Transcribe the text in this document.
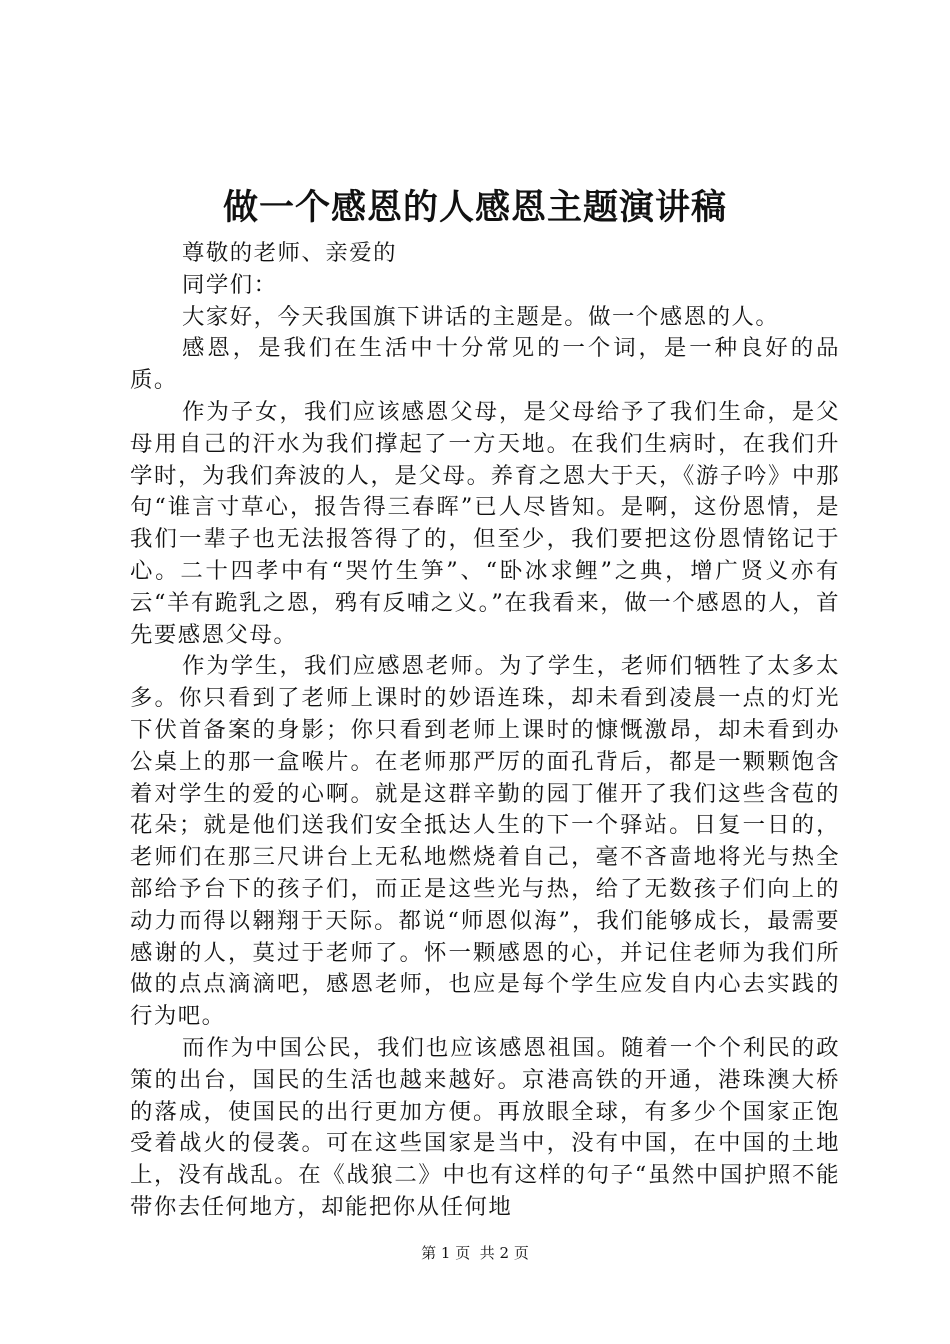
做一个感恩的人感恩主题演讲稿

尊敬的老师、亲爱的

同学们：

大家好，今天我国旗下讲话的主题是。做一个感恩的人。

感恩，是我们在生活中十分常见的一个词，是一种良好的品质。

作为子女，我们应该感恩父母，是父母给予了我们生命，是父母用自己的汗水为我们撑起了一方天地。在我们生病时，在我们升学时，为我们奔波的人，是父母。养育之恩大于天，《游子吟》中那句“谁言寸草心，报告得三春晖”已人尽皆知。是啊，这份恩情，是我们一辈子也无法报答得了的，但至少，我们要把这份恩情铭记于心。二十四孝中有“哭竹生笋”、“卧冰求鲤”之典，增广贤义亦有云“羊有跪乳之恩，鸦有反哺之义。”在我看来，做一个感恩的人，首先要感恩父母。

作为学生，我们应感恩老师。为了学生，老师们牺牲了太多太多。你只看到了老师上课时的妙语连珠，却未看到凌晨一点的灯光下伏首备案的身影；你只看到老师上课时的慷慨激昂，却未看到办公桌上的那一盒喉片。在老师那严厉的面孔背后，都是一颗颗饱含着对学生的爱的心啊。就是这群辛勤的园丁催开了我们这些含苞的花朵；就是他们送我们安全抵达人生的下一个驿站。日复一日的，老师们在那三尺讲台上无私地燃烧着自己，毫不吝啬地将光与热全部给予台下的孩子们，而正是这些光与热，给了无数孩子们向上的动力而得以翱翔于天际。都说“师恩似海”，我们能够成长，最需要感谢的人，莫过于老师了。怀一颗感恩的心，并记住老师为我们所做的点点滴滴吧，感恩老师，也应是每个学生应发自内心去实践的行为吧。

而作为中国公民，我们也应该感恩祖国。随着一个个利民的政策的出台，国民的生活也越来越好。京港高铁的开通，港珠澳大桥的落成，使国民的出行更加方便。再放眼全球，有多少个国家正饱受着战火的侵袭。可在这些国家是当中，没有中国，在中国的土地上，没有战乱。在《战狼二》中也有这样的句子“虽然中国护照不能带你去任何地方，却能把你从任何地

第 1 页 共 2 页
